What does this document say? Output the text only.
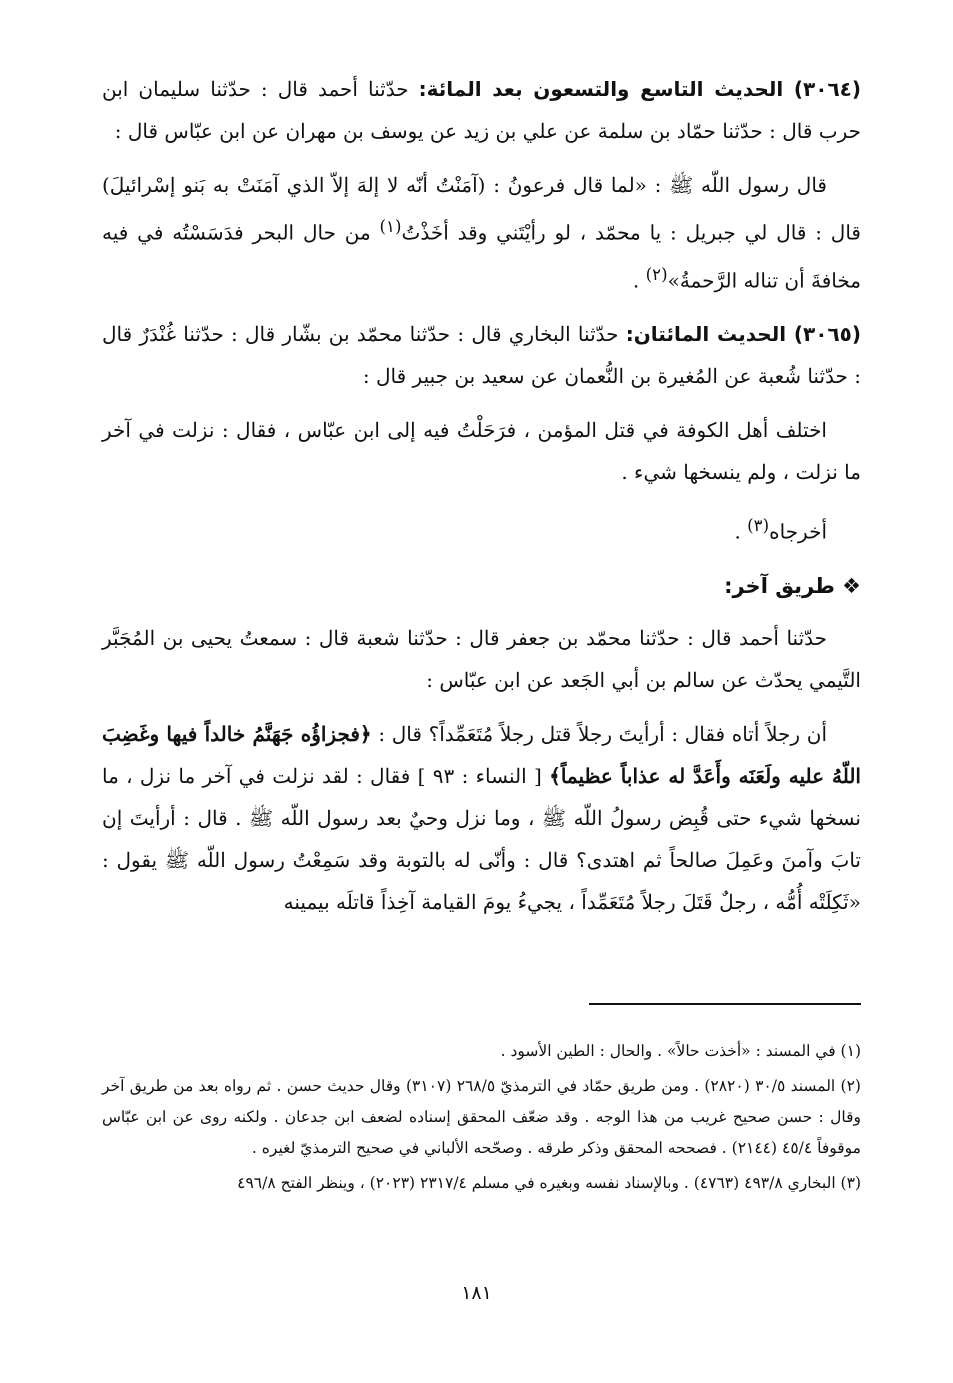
(٣٠٦٤) الحديث التاسع والتسعون بعد المائة: حدّثنا أحمد قال : حدّثنا سليمان ابن حرب قال : حدّثنا حمّاد بن سلمة عن علي بن زيد عن يوسف بن مهران عن ابن عبّاس قال :

قال رسول اللّه ﷺ : «لما قال فرعونُ : (آمَنْتُ أنّه لا إلهَ إلاّ الذي آمَنَتْ به بَنو إسْرائيلَ) قال : قال لي جبريل : يا محمّد ، لو رأيْتَني وقد أخَذْتُ$^{(١)}$ من حال البحر فدَسَسْتُه في فيه مخافةَ أن تناله الرَّحمةُ»$^{(٢)}$ .

(٣٠٦٥) الحديث المائتان: حدّثنا البخاري قال : حدّثنا محمّد بن بشّار قال : حدّثنا غُنْدَرٌ قال : حدّثنا شُعبة عن المُغيرة بن النُّعمان عن سعيد بن جبير قال :

اختلف أهل الكوفة في قتل المؤمن ، فرَحَلْتُ فيه إلى ابن عبّاس ، فقال : نزلت في آخر ما نزلت ، ولم ينسخها شيء .

أخرجاه$^{(٣)}$ .

❖ طريق آخر:

حدّثنا أحمد قال : حدّثنا محمّد بن جعفر قال : حدّثنا شعبة قال : سمعتُ يحيى بن المُجَبَّر التَّيمي يحدّث عن سالم بن أبي الجَعد عن ابن عبّاس :

أن رجلاً أتاه فقال : أرأيتَ رجلاً قتل رجلاً مُتَعَمِّداً؟ قال : ﴿فجزاؤُه جَهَنَّمُ خالداً فيها وغَضِبَ اللّهُ عليه ولَعَنَه وأَعَدَّ له عذاباً عظيماً﴾ [ النساء : ٩٣ ] فقال : لقد نزلت في آخر ما نزل ، ما نسخها شيء حتى قُبِض رسولُ اللّه ﷺ ، وما نزل وحيٌ بعد رسول اللّه ﷺ . قال : أرأيتَ إن تابَ وآمنَ وعَمِلَ صالحاً ثم اهتدى؟ قال : وأنّى له بالتوبة وقد سَمِعْتُ رسول اللّه ﷺ يقول : «ثَكِلَتْه أُمُّه ، رجلٌ قَتَلَ رجلاً مُتَعَمِّداً ، يجيءُ يومَ القيامة آخِذاً قاتلَه بيمينه

(١) في المسند : «أخذت حالاً» . والحال : الطين الأسود .

(٢) المسند ٣٠/٥ (٢٨٢٠) . ومن طريق حمّاد في الترمذيّ ٢٦٨/٥ (٣١٠٧) وقال حديث حسن . ثم رواه بعد من طريق آخر وقال : حسن صحيح غريب من هذا الوجه . وقد ضعّف المحقق إسناده لضعف ابن جدعان . ولكنه روى عن ابن عبّاس موقوفاً ٤٥/٤ (٢١٤٤) . فصححه المحقق وذكر طرقه . وصحّحه الألباني في صحيح الترمذيّ لغيره .

(٣) البخاري ٤٩٣/٨ (٤٧٦٣) . وبالإسناد نفسه وبغيره في مسلم ٢٣١٧/٤ (٢٠٢٣) ، وينظر الفتح ٤٩٦/٨

١٨١
